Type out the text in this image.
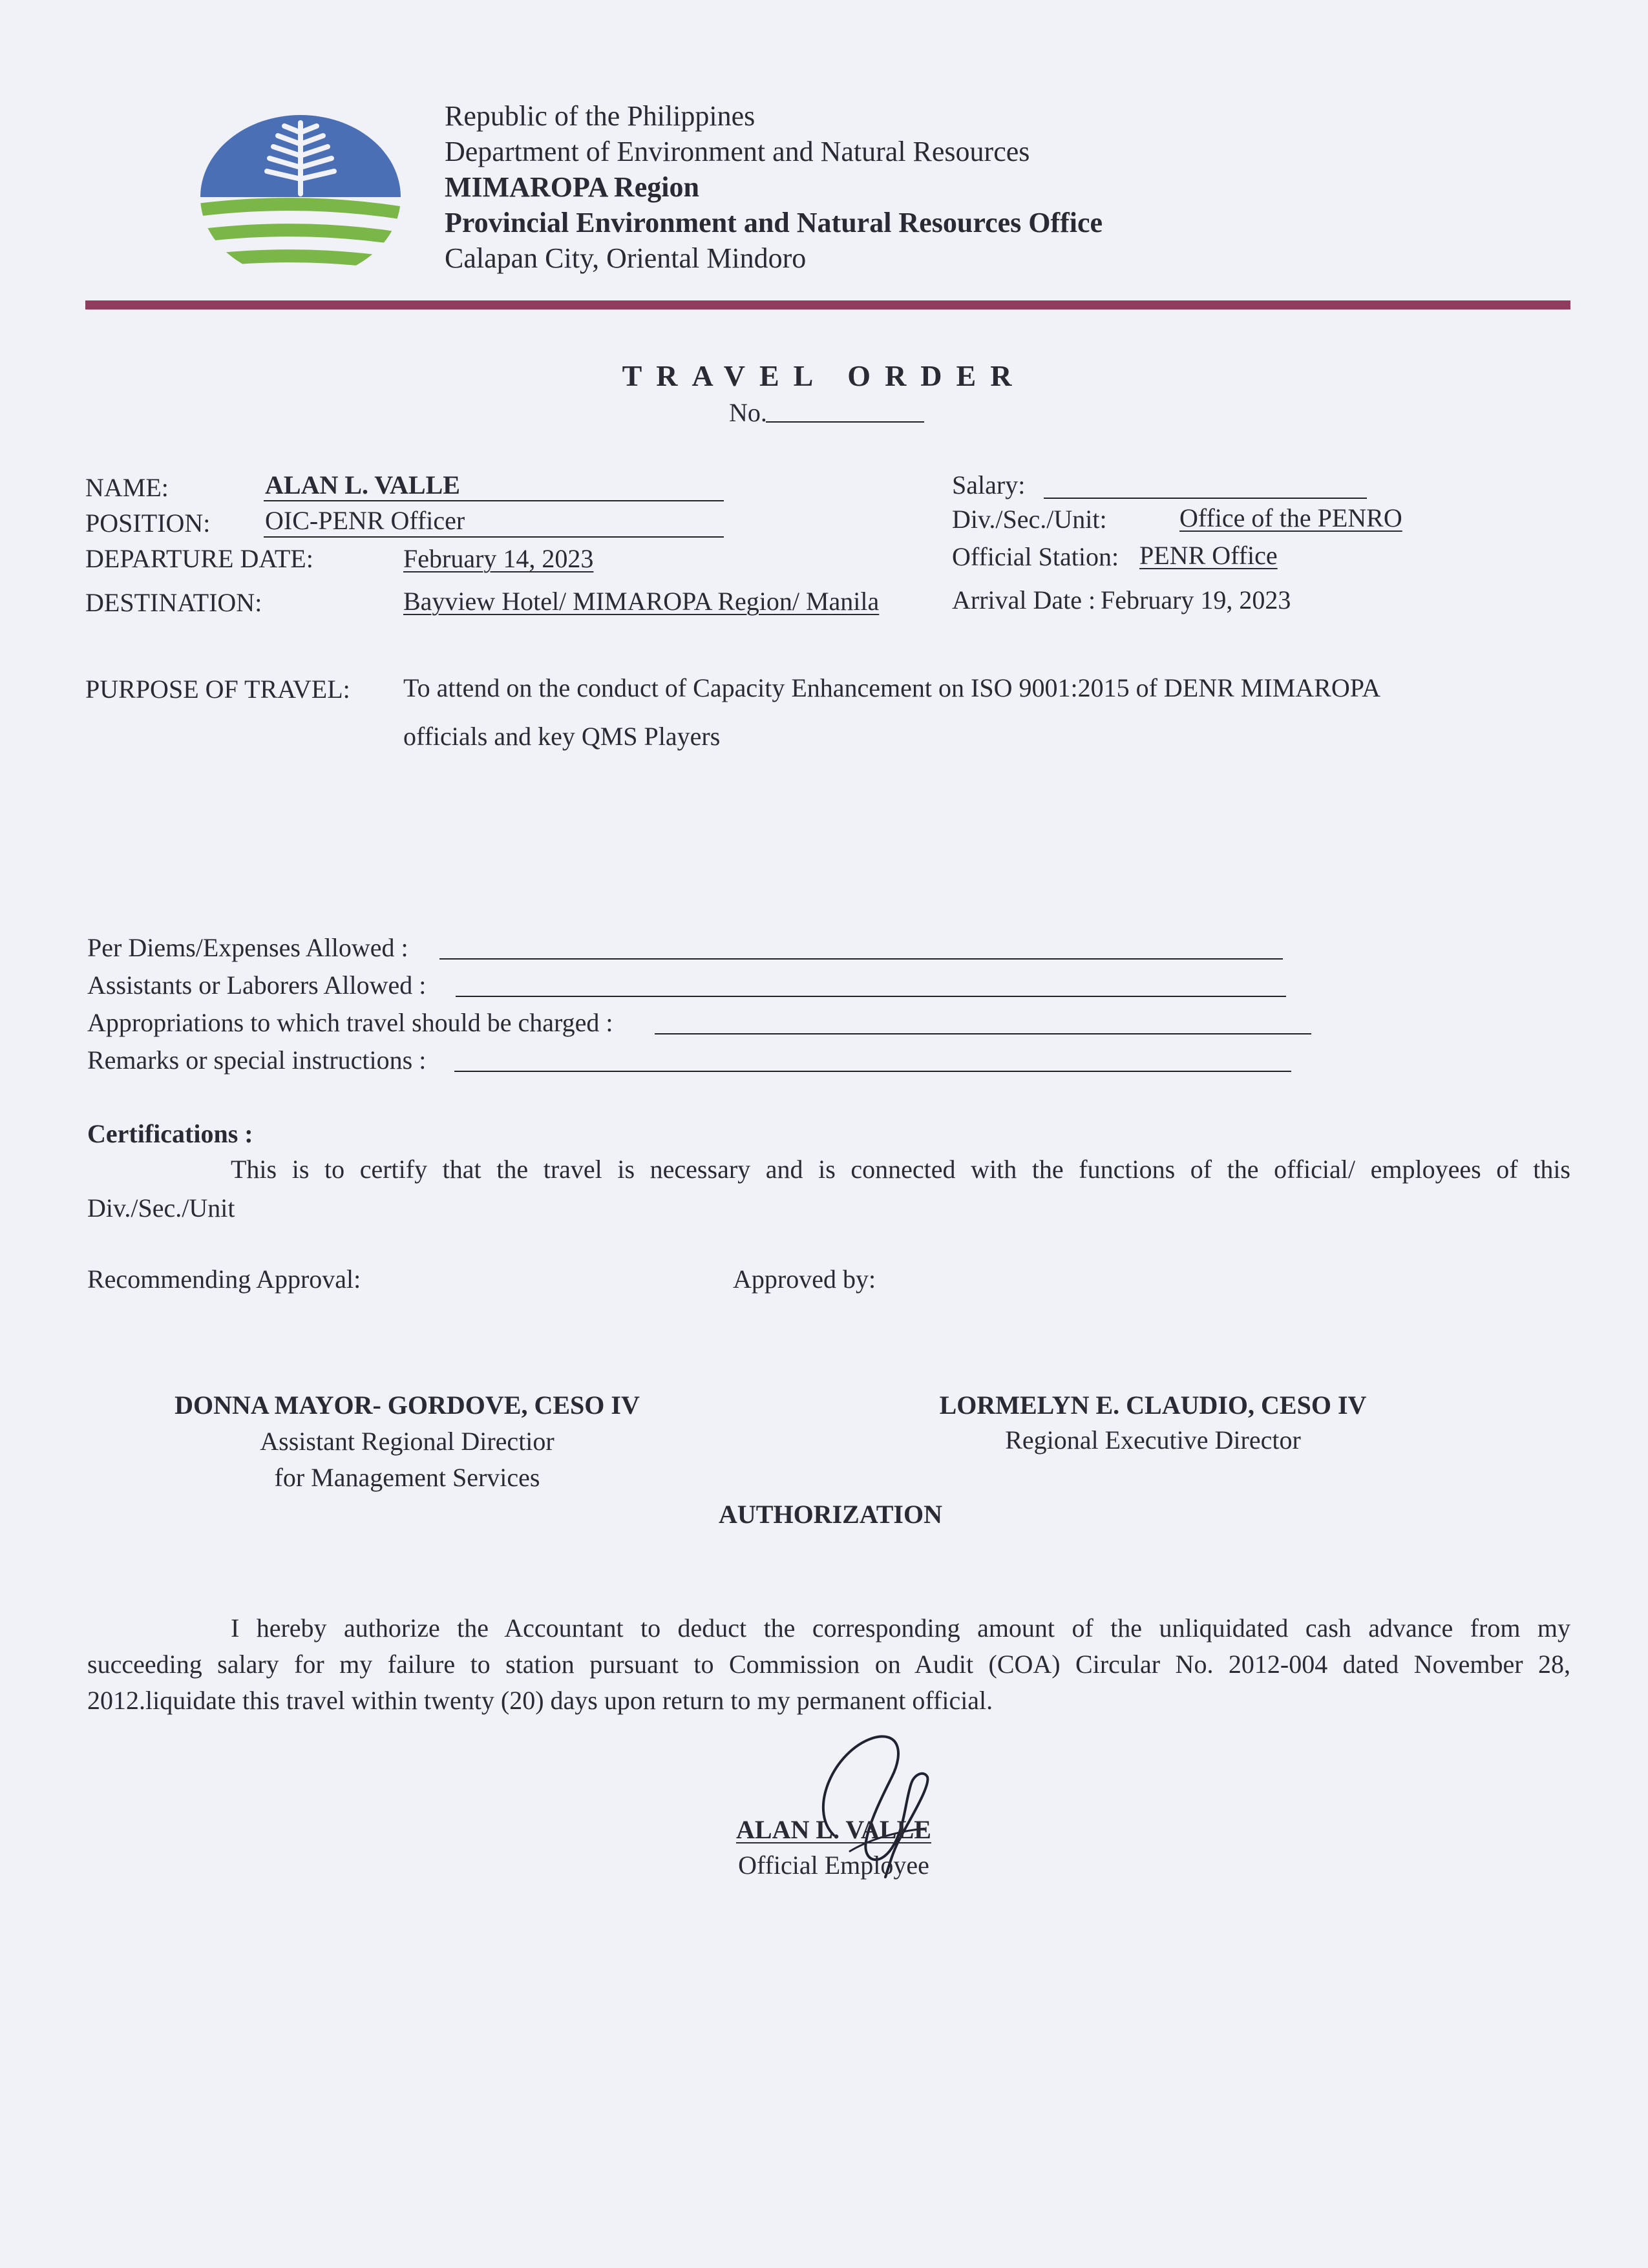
Republic of the Philippines
Department of Environment and Natural Resources
MIMAROPA Region
Provincial Environment and Natural Resources Office
Calapan City, Oriental Mindoro
TRAVEL ORDER
No.
NAME:	ALAN L. VALLE
POSITION: OIC-PENR Officer
DEPARTURE DATE:	February 14, 2023
DESTINATION:	Bayview Hotel/ MIMAROPA Region/ Manila
Salary:
Div./Sec./Unit:	Office of the PENRO
Official Station: PENR Office
Arrival Date : February 19, 2023
PURPOSE OF TRAVEL: To attend on the conduct of Capacity Enhancement on ISO 9001:2015 of DENR MIMAROPA
officials and key QMS Players
Per Diems/Expenses Allowed :
Assistants or Laborers Allowed :
Appropriations to which travel should be charged :
Remarks or special instructions :
Certifications :
This is to certify that the travel is necessary and is connected with the functions of the official/ employees of this
Div./Sec./Unit
Recommending Approval:	Approved by:
DONNA MAYOR- GORDOVE, CESO IV
Assistant Regional Directior
for Management Services
LORMELYN E. CLAUDIO, CESO IV
Regional Executive Director
AUTHORIZATION
I hereby authorize the Accountant to deduct the corresponding amount of the unliquidated cash advance from my
succeeding salary for my failure to station pursuant to Commission on Audit (COA) Circular No. 2012-004 dated November 28,
2012.liquidate this travel within twenty (20) days upon return to my permanent official.
ALAN L. VALLE
Official Employee
